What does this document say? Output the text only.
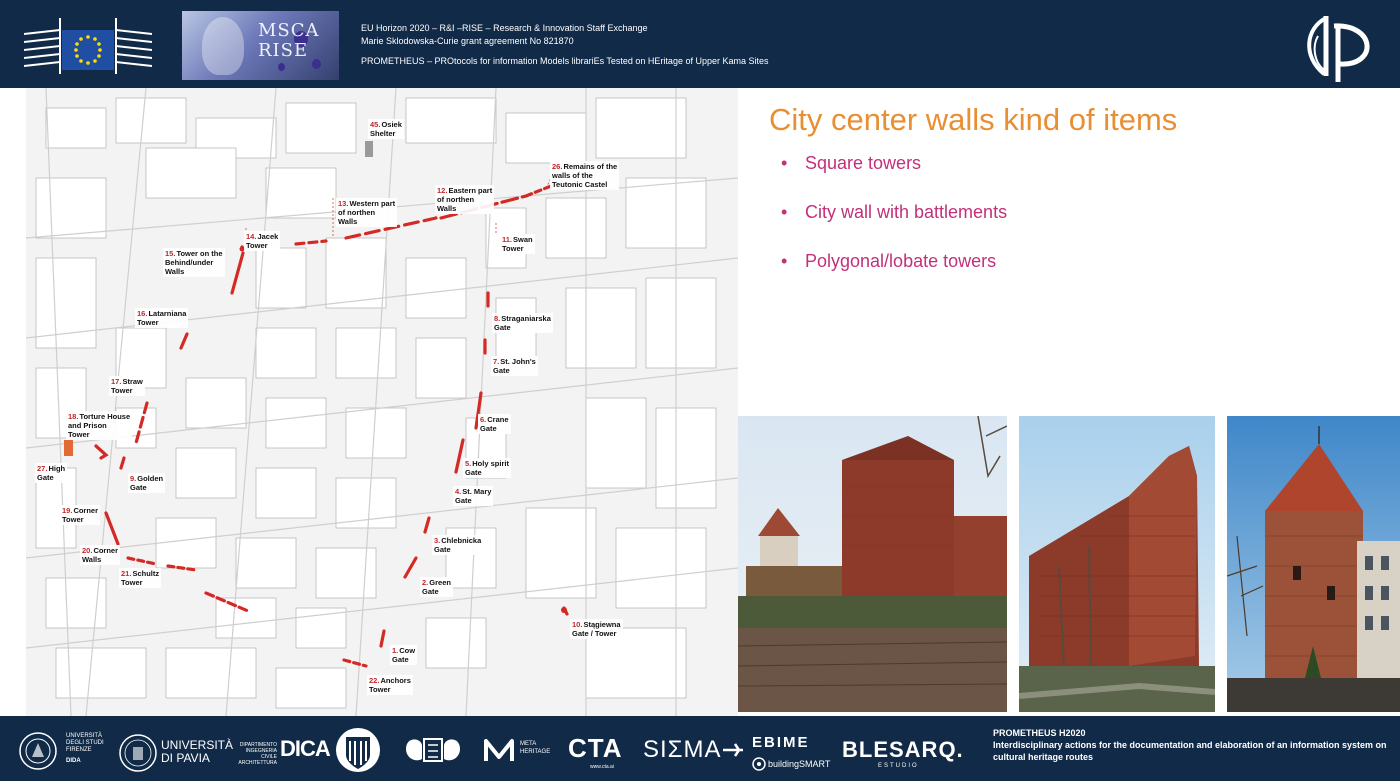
MSCA
RISE
EU Horizon 2020 – R&I –RISE – Research & Innovation Staff Exchange
Marie Sklodowska-Curie grant agreement No 821870
PROMETHEUS – PROtocols for information Models librariEs Tested on HEritage of Upper Kama Sites
45.Osiek
Shelter
26.Remains of the
walls of the
Teutonic Castel
13.Western part
of northen
Walls
12.Eastern part
of northen
Walls
14.Jacek
Tower
11.Swan
Tower
15.Tower on the
Behind/under
Walls
16.Latarniana
Tower	8.Straganiarska
Gate
7.St. John's
Gate
17.Straw
Tower
6.Crane
Gate
18.Torture House
and Prison
Tower
5.Holy spirit
Gate
27.High
Gate	9.Golden
Gate	4.St. Mary
Gate
19.Corner
Tower
3.Chlebnicka
Gate
20.Corner
Walls
21.Schultz
Tower	2.Green
Gate
10.Stągiewna
Gate / Tower
1.Cow
Gate
22.Anchors
Tower
City center walls kind of items
• Square towers
• City wall with battlements
• Polygonal/lobate towers
UNIVERSITÀ
DEGLI STUDI
FIRENZE
DIDA
UNIVERSITÀ
DI PAVIA
DIPARTIMENTO
INGEGNERIA
CIVILE
ARCHITETTURA
DICA	META
HERITAGE CTA
www.cta.ai
SIΣMA EBIME
buildingSMART
BLESARQ.
ESTUDIO
PROMETHEUS H2020
Interdisciplinary actions for the documentation and elaboration of an information system on cultural heritage routes
